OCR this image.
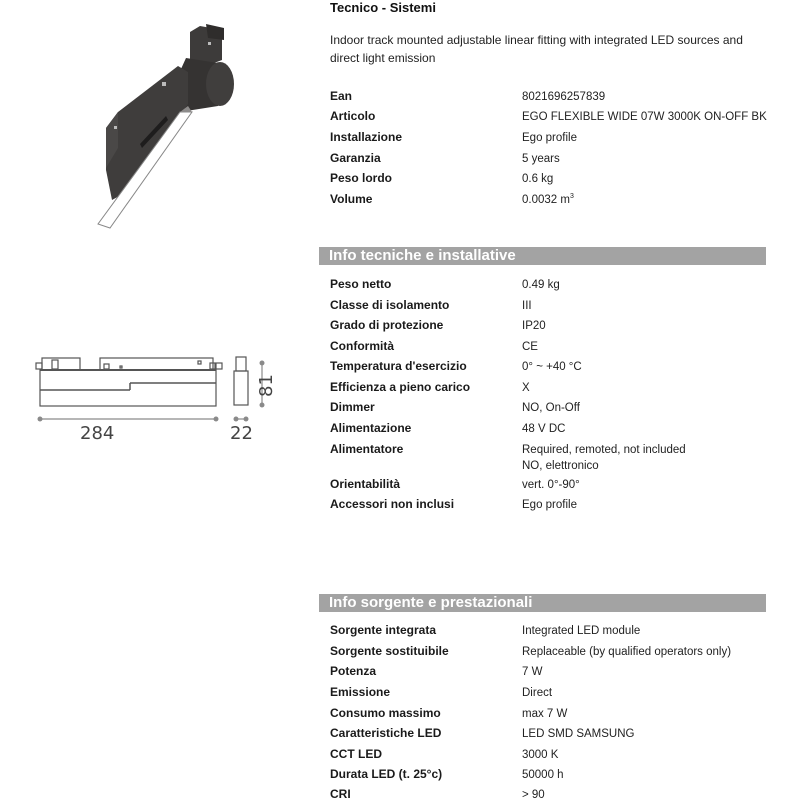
Tecnico - Sistemi
Indoor track mounted adjustable linear fitting with integrated LED sources and direct light emission
284	22
81
Ean	8021696257839
Articolo	EGO FLEXIBLE WIDE 07W 3000K ON-OFF BK
Installazione	Ego profile
Garanzia	5 years
Peso lordo	0.6 kg
Volume	0.0032 $m^3$
Info tecniche e installative
Peso netto	0.49 kg
Classe di isolamento	III
Grado di protezione	IP20
Conformità	CE
Temperatura d'esercizio	0° ~ +40 °C
Efficienza a pieno carico	X
Dimmer	NO, On-Off
Alimentazione	48 V DC
Alimentatore	Required, remoted, not included
NO, elettronico
Orientabilità	vert. 0°-90°
Accessori non inclusi	Ego profile
Info sorgente e prestazionali
Sorgente integrata	Integrated LED module
Sorgente sostituibile	Replaceable (by qualified operators only)
Potenza	7 W
Emissione	Direct
Consumo massimo	max 7 W
Caratteristiche LED	LED SMD SAMSUNG
CCT LED	3000 K
Durata LED (t. 25°c)	50000 h
CRI	> 90
